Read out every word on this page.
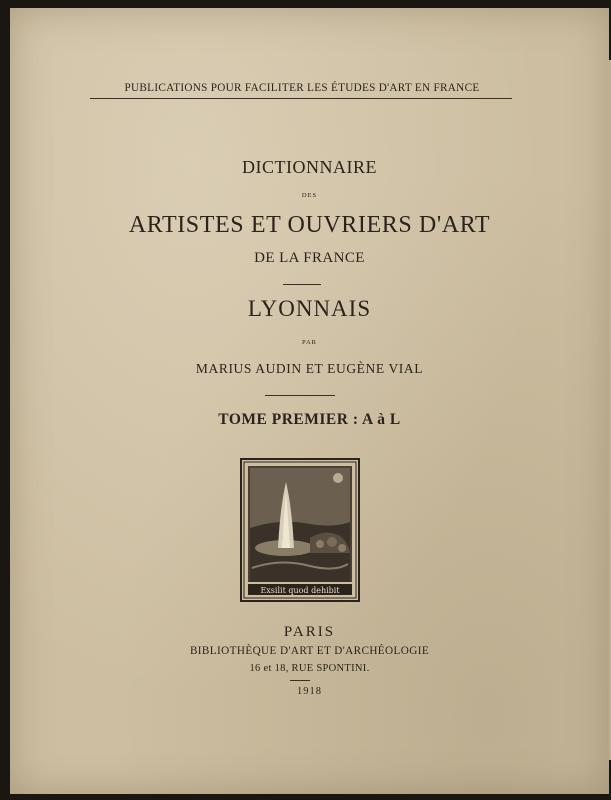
PUBLICATIONS POUR FACILITER LES ÉTUDES D'ART EN FRANCE
DICTIONNAIRE
DES
ARTISTES ET OUVRIERS D'ART
DE LA FRANCE
LYONNAIS
PAR
MARIUS AUDIN ET EUGÈNE VIAL
TOME PREMIER : A à L
Exsilit quod dehibit
PARIS
BIBLIOTHÈQUE D'ART ET D'ARCHÉOLOGIE
16 et 18, RUE SPONTINI.
1918
